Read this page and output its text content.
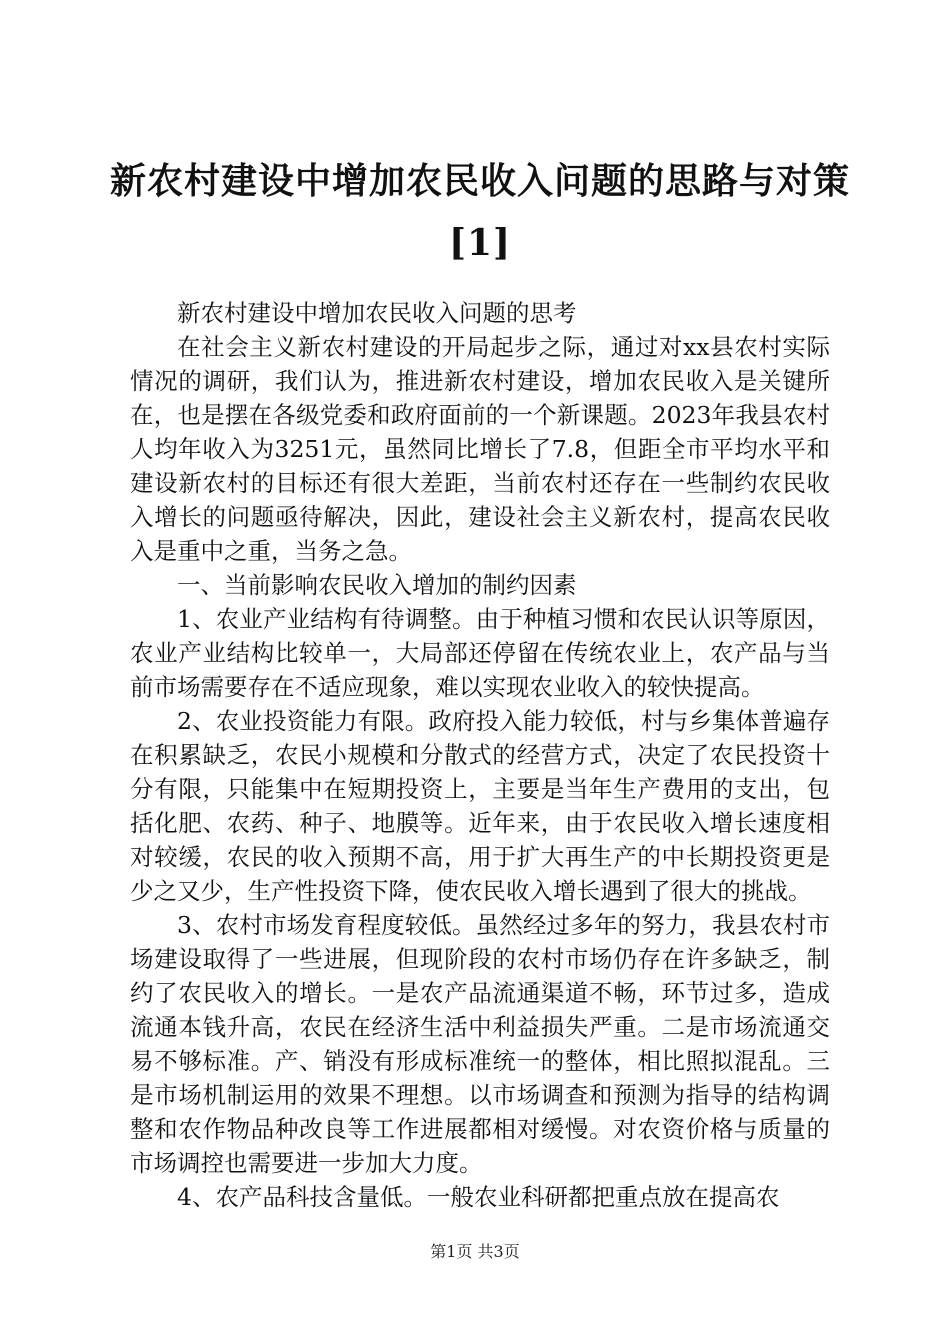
新农村建设中增加农民收入问题的思路与对策
[1]

新农村建设中增加农民收入问题的思考

在社会主义新农村建设的开局起步之际，通过对xx县农村实际情况的调研，我们认为，推进新农村建设，增加农民收入是关键所在，也是摆在各级党委和政府面前的一个新课题。2023年我县农村人均年收入为3251元，虽然同比增长了7.8，但距全市平均水平和建设新农村的目标还有很大差距，当前农村还存在一些制约农民收入增长的问题亟待解决，因此，建设社会主义新农村，提高农民收入是重中之重，当务之急。

一、当前影响农民收入增加的制约因素

1、农业产业结构有待调整。由于种植习惯和农民认识等原因，农业产业结构比较单一，大局部还停留在传统农业上，农产品与当前市场需要存在不适应现象，难以实现农业收入的较快提高。

2、农业投资能力有限。政府投入能力较低，村与乡集体普遍存在积累缺乏，农民小规模和分散式的经营方式，决定了农民投资十分有限，只能集中在短期投资上，主要是当年生产费用的支出，包括化肥、农药、种子、地膜等。近年来，由于农民收入增长速度相对较缓，农民的收入预期不高，用于扩大再生产的中长期投资更是少之又少，生产性投资下降，使农民收入增长遇到了很大的挑战。

3、农村市场发育程度较低。虽然经过多年的努力，我县农村市场建设取得了一些进展，但现阶段的农村市场仍存在许多缺乏，制约了农民收入的增长。一是农产品流通渠道不畅，环节过多，造成流通本钱升高，农民在经济生活中利益损失严重。二是市场流通交易不够标准。产、销没有形成标准统一的整体，相比照拟混乱。三是市场机制运用的效果不理想。以市场调查和预测为指导的结构调整和农作物品种改良等工作进展都相对缓慢。对农资价格与质量的市场调控也需要进一步加大力度。

4、农产品科技含量低。一般农业科研都把重点放在提高农

第1页 共3页
